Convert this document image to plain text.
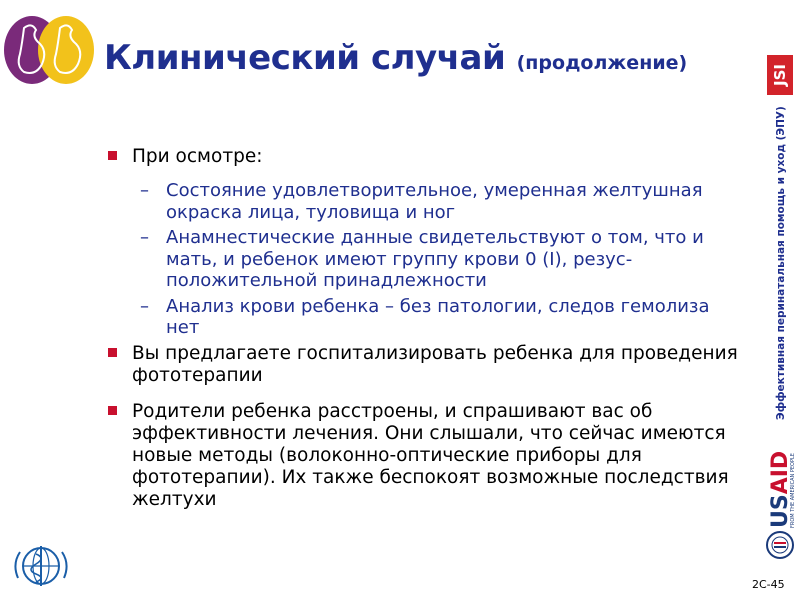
Клинический случай (продолжение)
JSI
Эффективная перинатальная помощь и уход (ЭПУ)
USAID
FROM THE AMERICAN PEOPLE
При осмотре:
– Состояние удовлетворительное, умеренная желтушная окраска лица, туловища и ног
– Анамнестические данные свидетельствуют о том, что и мать, и ребенок имеют группу крови 0 (I), резус-положительной принадлежности
– Анализ крови ребенка – без патологии, следов гемолиза нет
Вы предлагаете госпитализировать ребенка для проведения фототерапии
Родители ребенка расстроены, и спрашивают вас об эффективности лечения. Они слышали, что сейчас имеются новые методы (волоконно-оптические приборы для фототерапии). Их также беспокоят возможные последствия желтухи
2C-45
